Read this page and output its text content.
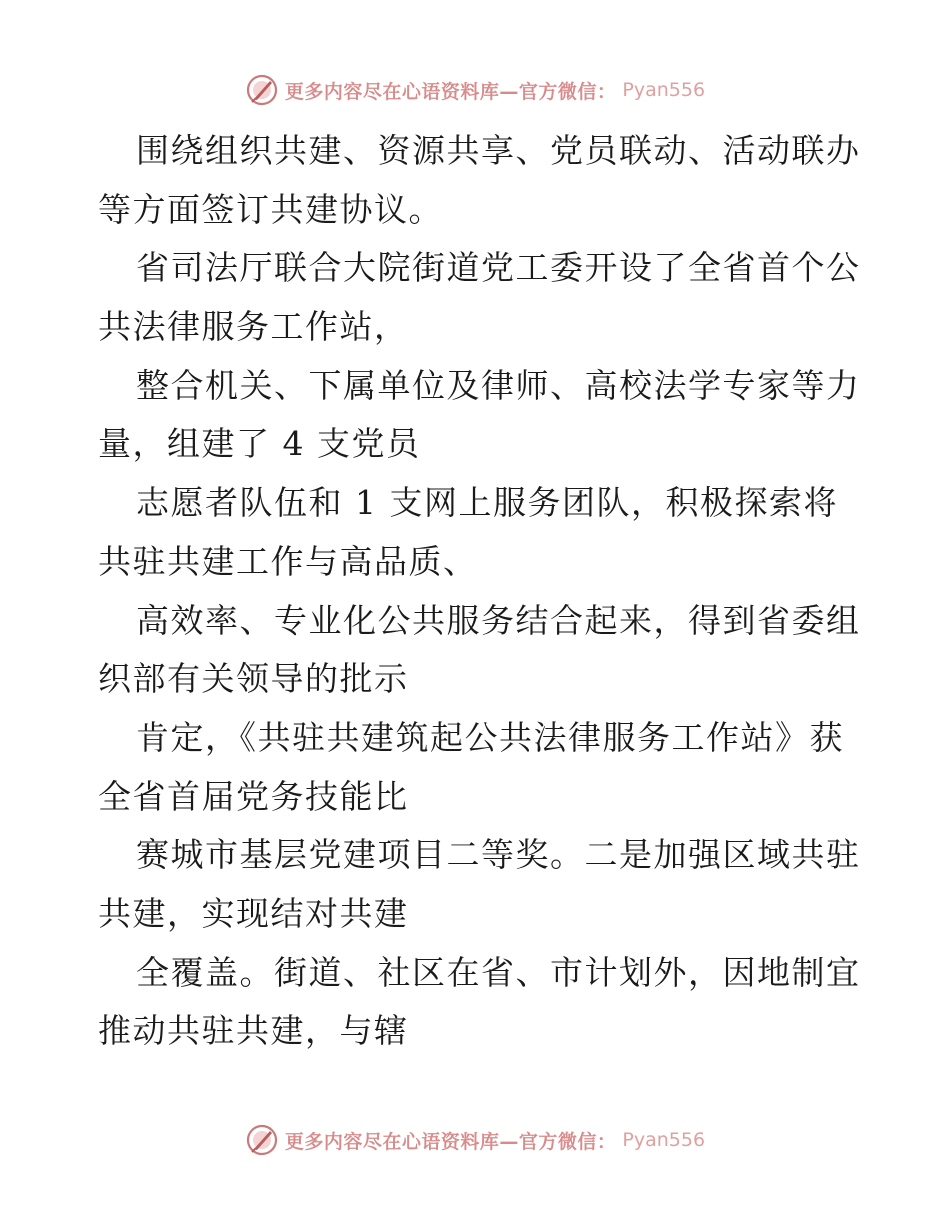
更多内容尽在心语资料库—官方微信： Pyan556
围绕组织共建、资源共享、党员联动、活动联办
等方面签订共建协议。
省司法厅联合大院街道党工委开设了全省首个公
共法律服务工作站，
整合机关、下属单位及律师、高校法学专家等力
量，组建了 4 支党员
志愿者队伍和 1 支网上服务团队，积极探索将
共驻共建工作与高品质、
高效率、专业化公共服务结合起来，得到省委组
织部有关领导的批示
肯定，《共驻共建筑起公共法律服务工作站》获
全省首届党务技能比
赛城市基层党建项目二等奖。二是加强区域共驻
共建，实现结对共建
全覆盖。街道、社区在省、市计划外，因地制宜
推动共驻共建，与辖
更多内容尽在心语资料库—官方微信： Pyan556
